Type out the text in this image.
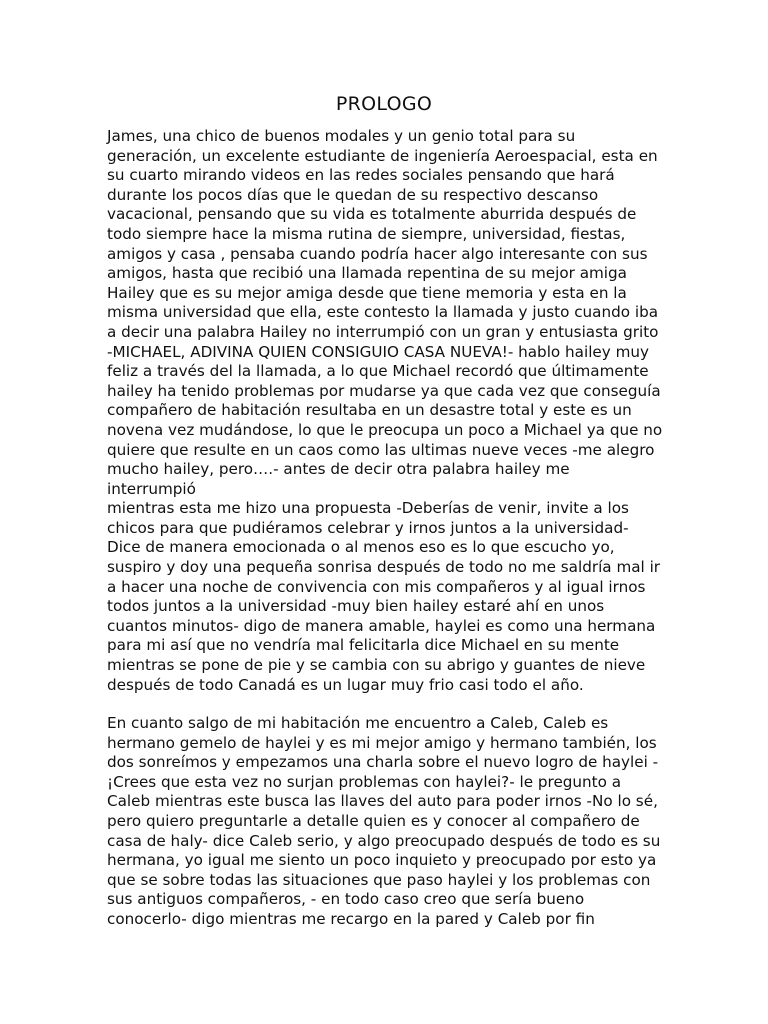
PROLOGO
James, una chico de buenos modales y un genio total para su
generación, un excelente estudiante de ingeniería Aeroespacial, esta en
su cuarto mirando videos en las redes sociales pensando que hará
durante los pocos días que le quedan de su respectivo descanso
vacacional, pensando que su vida es totalmente aburrida después de
todo siempre hace la misma rutina de siempre, universidad, fiestas,
amigos y casa , pensaba cuando podría hacer algo interesante con sus
amigos, hasta que recibió una llamada repentina de su mejor amiga
Hailey que es su mejor amiga desde que tiene memoria y esta en la
misma universidad que ella, este contesto la llamada y justo cuando iba
a decir una palabra Hailey no interrumpió con un gran y entusiasta grito
-MICHAEL, ADIVINA QUIEN CONSIGUIO CASA NUEVA!- hablo hailey muy
feliz a través del la llamada, a lo que Michael recordó que últimamente
hailey ha tenido problemas por mudarse ya que cada vez que conseguía
compañero de habitación resultaba en un desastre total y este es un
novena vez mudándose, lo que le preocupa un poco a Michael ya que no
quiere que resulte en un caos como las ultimas nueve veces -me alegro
mucho hailey, pero….- antes de decir otra palabra hailey me interrumpió
mientras esta me hizo una propuesta -Deberías de venir, invite a los
chicos para que pudiéramos celebrar y irnos juntos a la universidad-
Dice de manera emocionada o al menos eso es lo que escucho yo,
suspiro y doy una pequeña sonrisa después de todo no me saldría mal ir
a hacer una noche de convivencia con mis compañeros y al igual irnos
todos juntos a la universidad -muy bien hailey estaré ahí en unos
cuantos minutos- digo de manera amable, haylei es como una hermana
para mi así que no vendría mal felicitarla dice Michael en su mente
mientras se pone de pie y se cambia con su abrigo y guantes de nieve
después de todo Canadá es un lugar muy frio casi todo el año.
En cuanto salgo de mi habitación me encuentro a Caleb, Caleb es
hermano gemelo de haylei y es mi mejor amigo y hermano también, los
dos sonreímos y empezamos una charla sobre el nuevo logro de haylei -
¡Crees que esta vez no surjan problemas con haylei?- le pregunto a
Caleb mientras este busca las llaves del auto para poder irnos -No lo sé,
pero quiero preguntarle a detalle quien es y conocer al compañero de
casa de haly- dice Caleb serio, y algo preocupado después de todo es su
hermana, yo igual me siento un poco inquieto y preocupado por esto ya
que se sobre todas las situaciones que paso haylei y los problemas con
sus antiguos compañeros, - en todo caso creo que sería bueno
conocerlo- digo mientras me recargo en la pared y Caleb por fin
